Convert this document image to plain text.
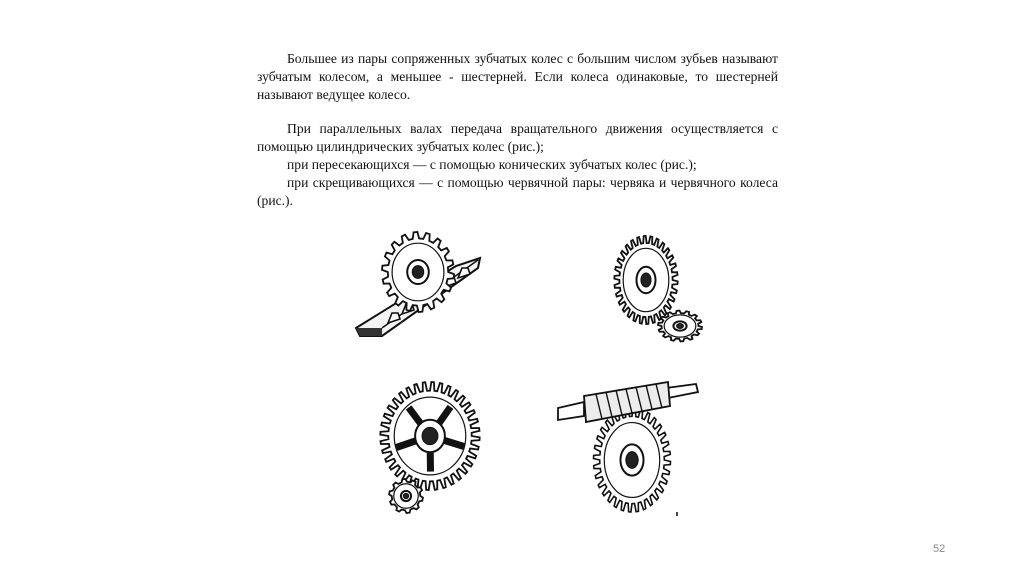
Большее из пары сопряженных зубчатых колес с большим числом зубьев называют зубчатым колесом, а меньшее - шестерней. Если колеса одинаковые, то шестерней называют ведущее колесо.

При параллельных валах передача вращательного движения осуществляется с помощью цилиндрических зубчатых колес (рис.);

при пересекающихся — с помощью конических зубчатых колес (рис.);

при скрещивающихся — с помощью червячной пары: червяка и червячного колеса (рис.).

52
